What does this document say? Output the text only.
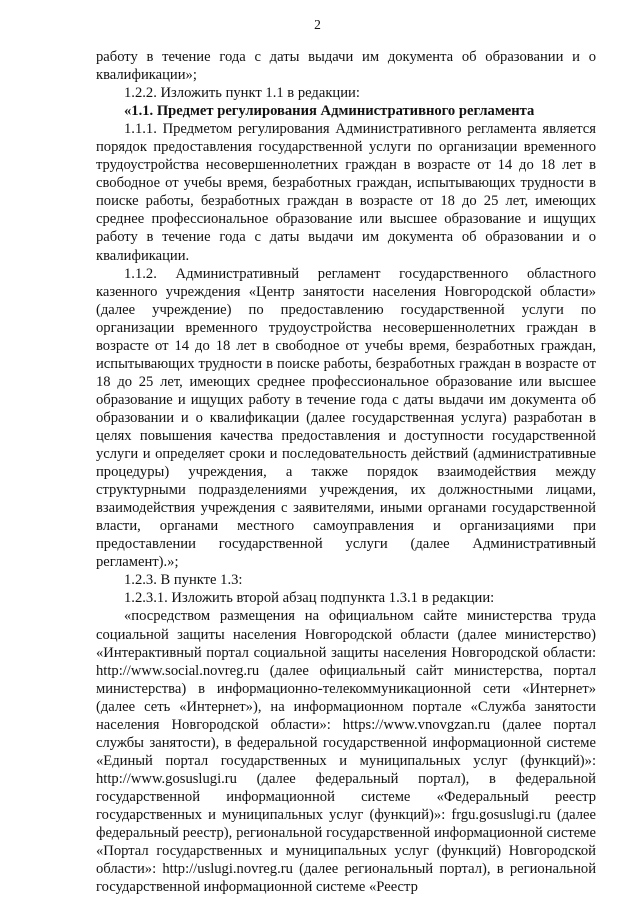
2

работу в течение года с даты выдачи им документа об образовании и о квалификации»;

1.2.2. Изложить пункт 1.1 в редакции:

«1.1. Предмет регулирования Административного регламента

1.1.1. Предметом регулирования Административного регламента является порядок предоставления государственной услуги по организации временного трудоустройства несовершеннолетних граждан в возрасте от 14 до 18 лет в свободное от учебы время, безработных граждан, испытывающих трудности в поиске работы, безработных граждан в возрасте от 18 до 25 лет, имеющих среднее профессиональное образование или высшее образование и ищущих работу в течение года с даты выдачи им документа об образовании и о квалификации.

1.1.2. Административный регламент государственного областного казенного учреждения «Центр занятости населения Новгородской области» (далее учреждение) по предоставлению государственной услуги по организации временного трудоустройства несовершеннолетних граждан в возрасте от 14 до 18 лет в свободное от учебы время, безработных граждан, испытывающих трудности в поиске работы, безработных граждан в возрасте от 18 до 25 лет, имеющих среднее профессиональное образование или высшее образование и ищущих работу в течение года с даты выдачи им документа об образовании и о квалификации (далее государственная услуга) разработан в целях повышения качества предоставления и доступности государственной услуги и определяет сроки и последовательность действий (административные процедуры) учреждения, а также порядок взаимодействия между структурными подразделениями учреждения, их должностными лицами, взаимодействия учреждения с заявителями, иными органами государственной власти, органами местного самоуправления и организациями при предоставлении государственной услуги (далее Административный регламент).»;

1.2.3. В пункте 1.3:

1.2.3.1. Изложить второй абзац подпункта 1.3.1 в редакции:

«посредством размещения на официальном сайте министерства труда социальной защиты населения Новгородской области (далее министерство) «Интерактивный портал социальной защиты населения Новгородской области: http://www.social.novreg.ru (далее официальный сайт министерства, портал министерства) в информационно-телекоммуникационной сети «Интернет» (далее сеть «Интернет»), на информационном портале «Служба занятости населения Новгородской области»: https://www.vnovgzan.ru (далее портал службы занятости), в федеральной государственной информационной системе «Единый портал государственных и муниципальных услуг (функций)»: http://www.gosuslugi.ru (далее федеральный портал), в федеральной государственной информационной системе «Федеральный реестр государственных и муниципальных услуг (функций)»: frgu.gosuslugi.ru (далее федеральный реестр), региональной государственной информационной системе «Портал государственных и муниципальных услуг (функций) Новгородской области»: http://uslugi.novreg.ru (далее региональный портал), в региональной государственной информационной системе «Реестр
